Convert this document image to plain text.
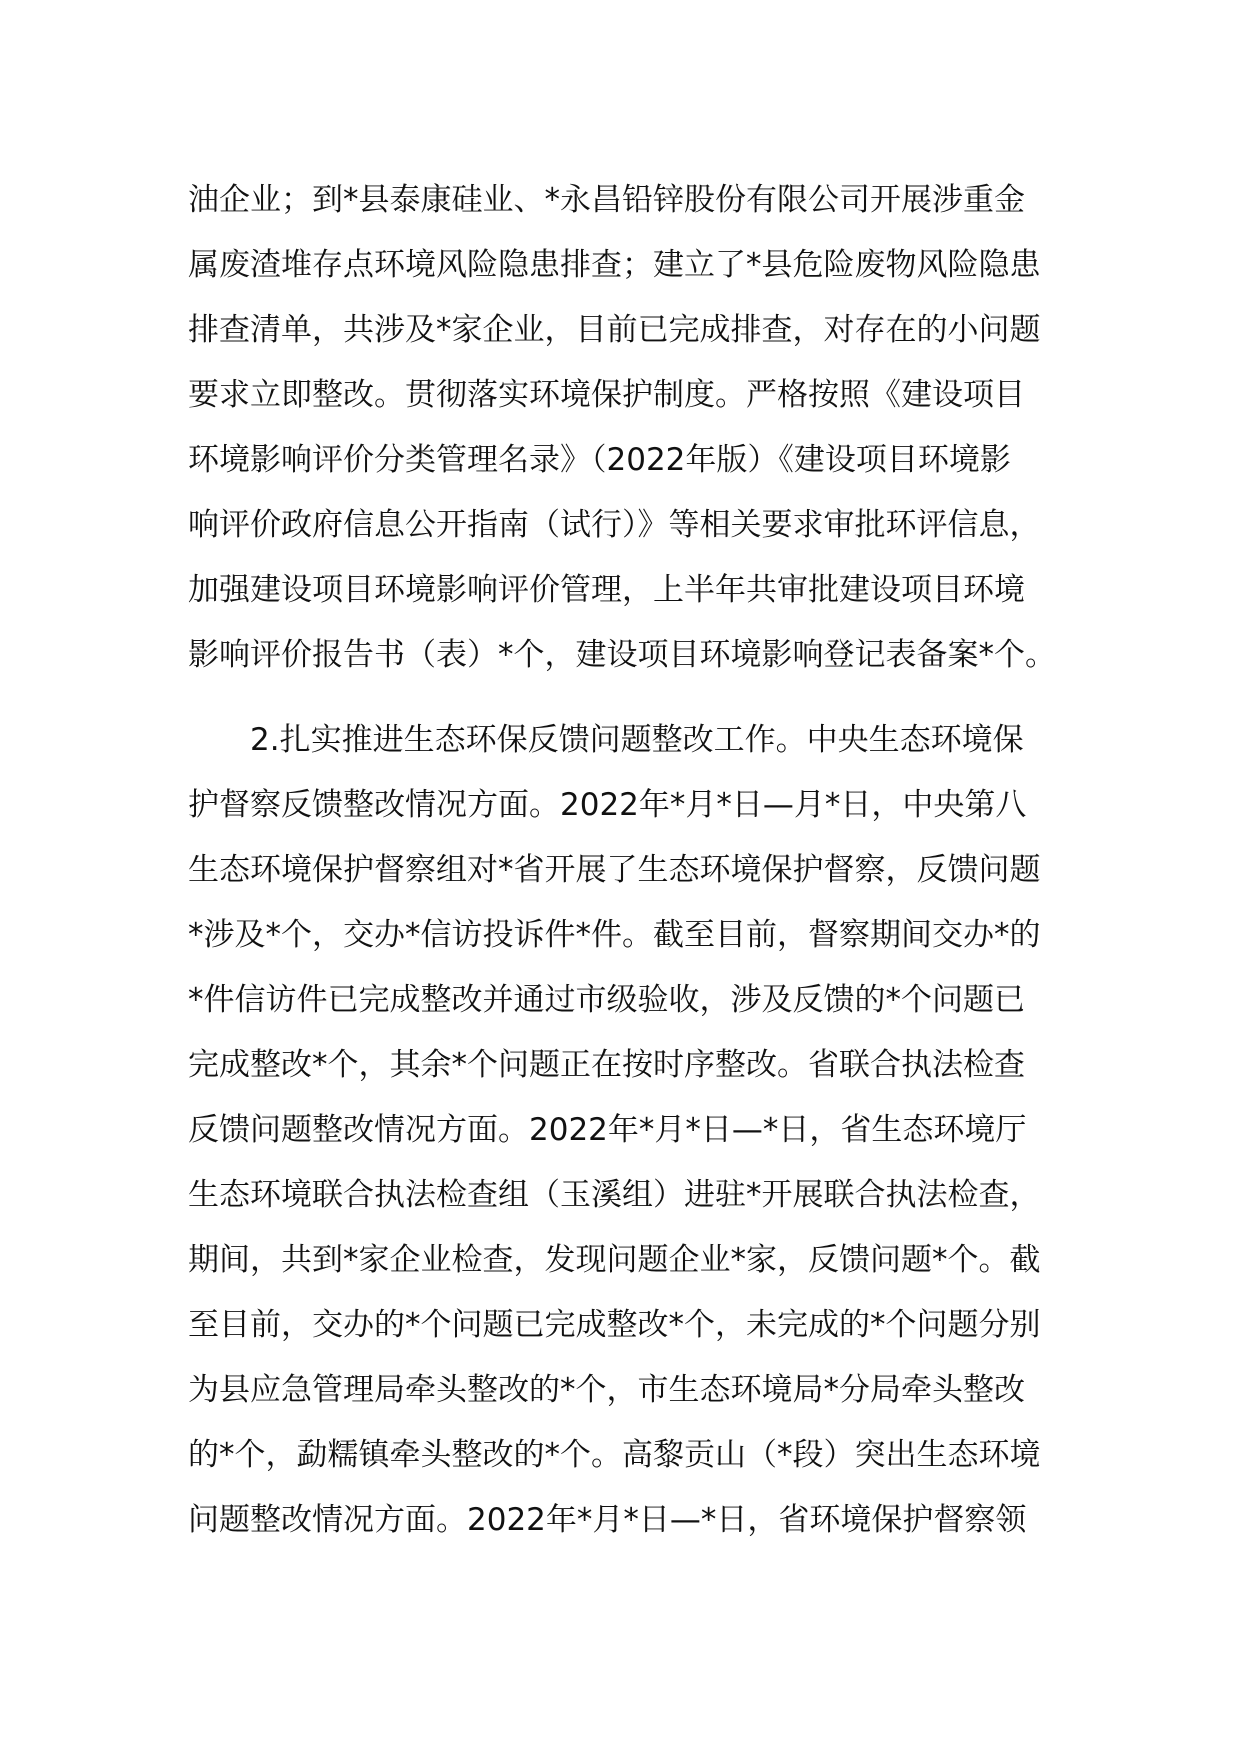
油企业；到*县泰康硅业、*永昌铅锌股份有限公司开展涉重金
属废渣堆存点环境风险隐患排查；建立了*县危险废物风险隐患
排查清单，共涉及*家企业，目前已完成排查，对存在的小问题
要求立即整改。贯彻落实环境保护制度。严格按照《建设项目
环境影响评价分类管理名录》（2022年版）《建设项目环境影
响评价政府信息公开指南（试行）》等相关要求审批环评信息，
加强建设项目环境影响评价管理，上半年共审批建设项目环境
影响评价报告书（表）*个，建设项目环境影响登记表备案*个。
2.扎实推进生态环保反馈问题整改工作。中央生态环境保
护督察反馈整改情况方面。2022年*月*日—月*日，中央第八
生态环境保护督察组对*省开展了生态环境保护督察，反馈问题
*涉及*个，交办*信访投诉件*件。截至目前，督察期间交办*的
*件信访件已完成整改并通过市级验收，涉及反馈的*个问题已
完成整改*个，其余*个问题正在按时序整改。省联合执法检查
反馈问题整改情况方面。2022年*月*日—*日，省生态环境厅
生态环境联合执法检查组（玉溪组）进驻*开展联合执法检查，
期间，共到*家企业检查，发现问题企业*家，反馈问题*个。截
至目前，交办的*个问题已完成整改*个，未完成的*个问题分别
为县应急管理局牵头整改的*个，市生态环境局*分局牵头整改
的*个，勐糯镇牵头整改的*个。高黎贡山（*段）突出生态环境
问题整改情况方面。2022年*月*日—*日，省环境保护督察领
